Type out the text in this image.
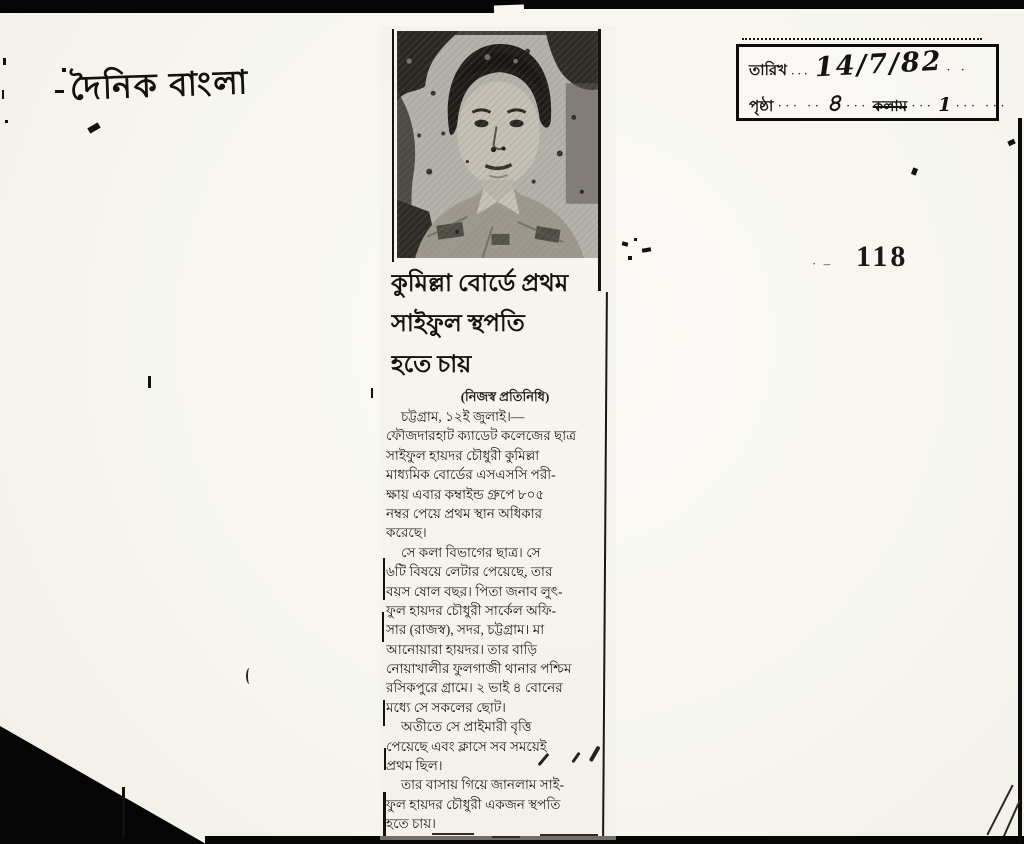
দৈনিক বাংলা	তারিখ ... 14/7/82 · ·
পৃষ্ঠা ··· ·· ৪ ··· কলাম ··· 1 ··· ···
· – 118
কুমিল্লা বোর্ডে প্রথম
সাইফুল স্থপতি
হতে চায়
(নিজস্ব প্রতিনিধি)
চট্টগ্রাম, ১২ই জুলাই।—
ফৌজদারহাট ক্যাডেট কলেজের ছাত্র
সাইফুল হায়দর চৌধুরী কুমিল্লা
মাধ্যমিক বোর্ডের এসএসসি পরী-
ক্ষায় এবার কম্বাইন্ড গ্রুপে ৮০৫
নম্বর পেয়ে প্রথম স্থান অধিকার
করেছে।
সে কলা বিভাগের ছাত্র। সে
৬টি বিষয়ে লেটার পেয়েছে, তার
বয়স ষোল বছর। পিতা জনাব লুৎ-
ফুল হায়দর চৌধুরী সার্কেল অফি-
সার (রাজস্ব), সদর, চট্টগ্রাম। মা
আনোয়ারা হায়দর। তার বাড়ি
নোয়াখালীর ফুলগাজী থানার পশ্চিম
রসিকপুরে গ্রামে। ২ ভাই ৪ বোনের
মধ্যে সে সকলের ছোট।
অতীতে সে প্রাইমারী বৃত্তি
পেয়েছে এবং ক্লাসে সব সময়েই
প্রথম ছিল।
তার বাসায় গিয়ে জানলাম সাই-
ফুল হায়দর চৌধুরী একজন স্থপতি
হতে চায়।
